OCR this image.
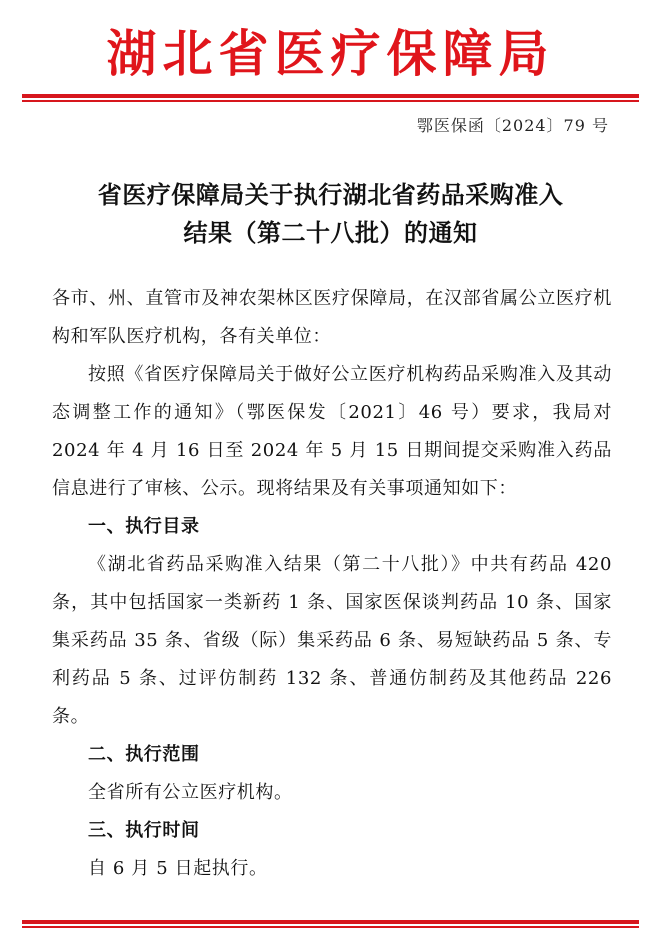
湖北省医疗保障局
鄂医保函〔2024〕79 号
省医疗保障局关于执行湖北省药品采购准入
结果（第二十八批）的通知

各市、州、直管市及神农架林区医疗保障局，在汉部省属公立医疗机构和军队医疗机构，各有关单位：

按照《省医疗保障局关于做好公立医疗机构药品采购准入及其动态调整工作的通知》（鄂医保发〔2021〕46 号）要求，我局对 2024 年 4 月 16 日至 2024 年 5 月 15 日期间提交采购准入药品信息进行了审核、公示。现将结果及有关事项通知如下：

一、执行目录

《湖北省药品采购准入结果（第二十八批）》中共有药品 420 条，其中包括国家一类新药 1 条、国家医保谈判药品 10 条、国家集采药品 35 条、省级（际）集采药品 6 条、易短缺药品 5 条、专利药品 5 条、过评仿制药 132 条、普通仿制药及其他药品 226 条。

二、执行范围

全省所有公立医疗机构。

三、执行时间

自 6 月 5 日起执行。
